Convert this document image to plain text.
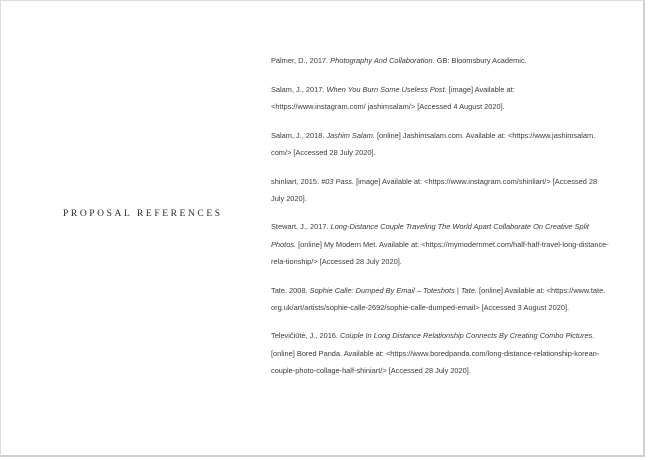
PROPOSAL REFERENCES

Palmer, D., 2017. Photography And Collaboration. GB: Bloomsbury Academic.

Salam, J., 2017. When You Burn Some Useless Post. [image] Available at: <https://www.instagram.com/ jashimsalam/> [Accessed 4 August 2020].

Salam, J., 2018. Jashim Salam. [online] Jashimsalam.com. Available at: <https://www.jashimsalam. com/> [Accessed 28 July 2020].

shinliart, 2015. #03 Pass. [image] Available at: <https://www.instagram.com/shinliart/> [Accessed 28 July 2020].

Stewart, J., 2017. Long-Distance Couple Traveling The World Apart Collaborate On Creative Split Photos. [online] My Modern Met. Available at: <https://mymodernmet.com/half-half-travel-long-distance-rela-tionship/> [Accessed 28 July 2020].

Tate. 2008. Sophie Calle: Dumped By Email – Toteshots | Tate. [online] Available at: <https://www.tate. org.uk/art/artists/sophie-calle-2692/sophie-calle-dumped-email> [Accessed 3 August 2020].

Televičiūtė, J., 2016. Couple In Long Distance Relationship Connects By Creating Combo Pictures. [online] Bored Panda. Available at: <https://www.boredpanda.com/long-distance-relationship-korean-couple-photo-collage-half-shiniart/> [Accessed 28 July 2020].
